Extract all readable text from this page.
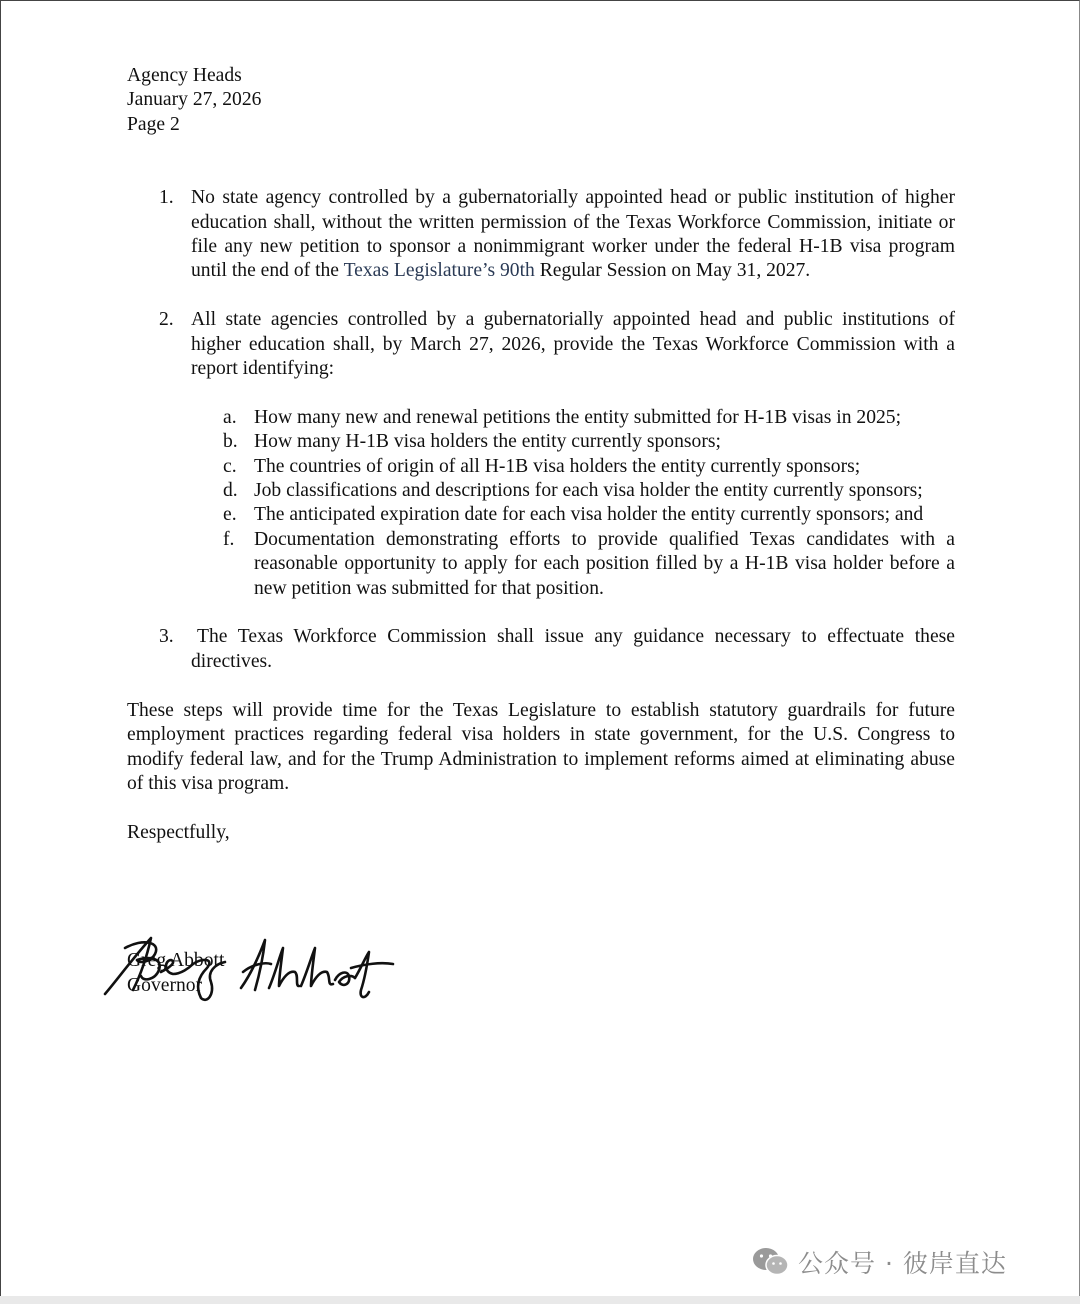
Agency Heads
January 27, 2026
Page 2
1. No state agency controlled by a gubernatorially appointed head or public institution of higher education shall, without the written permission of the Texas Workforce Commission, initiate or file any new petition to sponsor a nonimmigrant worker under the federal H-1B visa program until the end of the Texas Legislature’s 90th Regular Session on May 31, 2027.
2. All state agencies controlled by a gubernatorially appointed head and public institutions of higher education shall, by March 27, 2026, provide the Texas Workforce Commission with a report identifying:
a. How many new and renewal petitions the entity submitted for H-1B visas in 2025;
b. How many H-1B visa holders the entity currently sponsors;
c. The countries of origin of all H-1B visa holders the entity currently sponsors;
d. Job classifications and descriptions for each visa holder the entity currently sponsors;
e. The anticipated expiration date for each visa holder the entity currently sponsors; and
f. Documentation demonstrating efforts to provide qualified Texas candidates with a reasonable opportunity to apply for each position filled by a H-1B visa holder before a new petition was submitted for that position.
3. The Texas Workforce Commission shall issue any guidance necessary to effectuate these directives.

These steps will provide time for the Texas Legislature to establish statutory guardrails for future employment practices regarding federal visa holders in state government, for the U.S. Congress to modify federal law, and for the Trump Administration to implement reforms aimed at eliminating abuse of this visa program.

Respectfully,
Greg Abbott
Governor
公众号 · 彼岸直达
